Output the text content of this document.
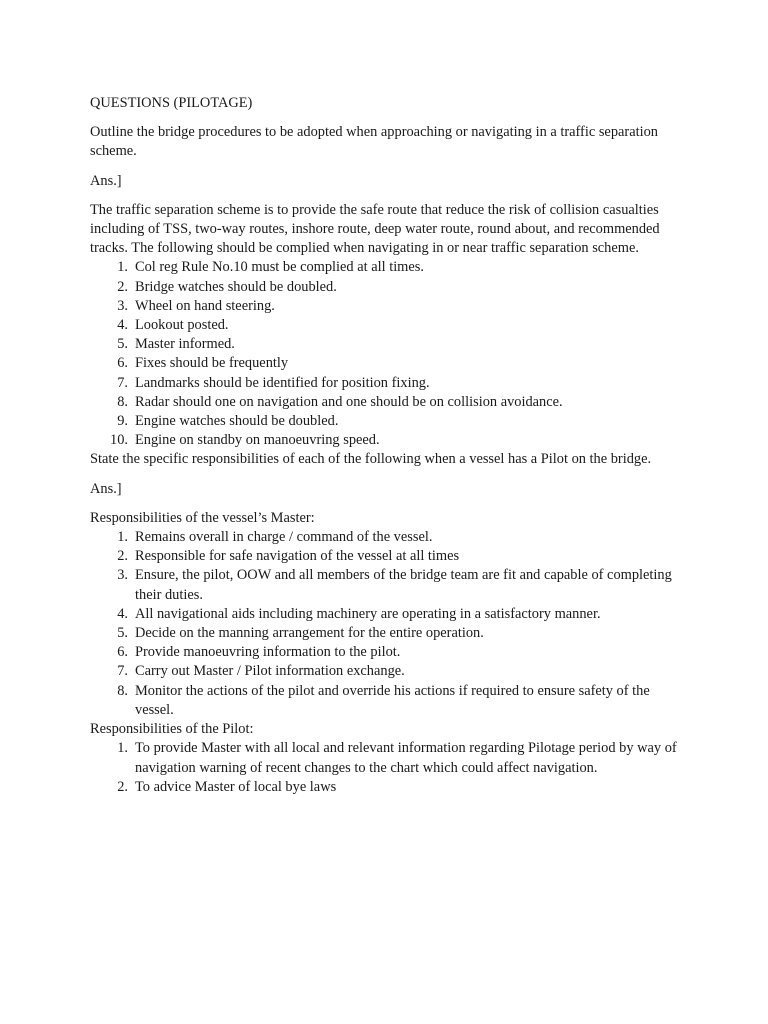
QUESTIONS (PILOTAGE)

Outline the bridge procedures to be adopted when approaching or navigating in a traffic separation scheme.

Ans.]

The traffic separation scheme is to provide the safe route that reduce the risk of collision casualties including of TSS, two-way routes, inshore route, deep water route, round about, and recommended tracks. The following should be complied when navigating in or near traffic separation scheme.

1. Col reg Rule No.10 must be complied at all times.
2. Bridge watches should be doubled.
3. Wheel on hand steering.
4. Lookout posted.
5. Master informed.
6. Fixes should be frequently
7. Landmarks should be identified for position fixing.
8. Radar should one on navigation and one should be on collision avoidance.
9. Engine watches should be doubled.
10. Engine on standby on manoeuvring speed.

State the specific responsibilities of each of the following when a vessel has a Pilot on the bridge.

Ans.]

Responsibilities of the vessel’s Master:

1. Remains overall in charge / command of the vessel.
2. Responsible for safe navigation of the vessel at all times
3. Ensure, the pilot, OOW and all members of the bridge team are fit and capable of completing their duties.
4. All navigational aids including machinery are operating in a satisfactory manner.
5. Decide on the manning arrangement for the entire operation.
6. Provide manoeuvring information to the pilot.
7. Carry out Master / Pilot information exchange.
8. Monitor the actions of the pilot and override his actions if required to ensure safety of the vessel.

Responsibilities of the Pilot:

1. To provide Master with all local and relevant information regarding Pilotage period by way of navigation warning of recent changes to the chart which could affect navigation.
2. To advice Master of local bye laws
